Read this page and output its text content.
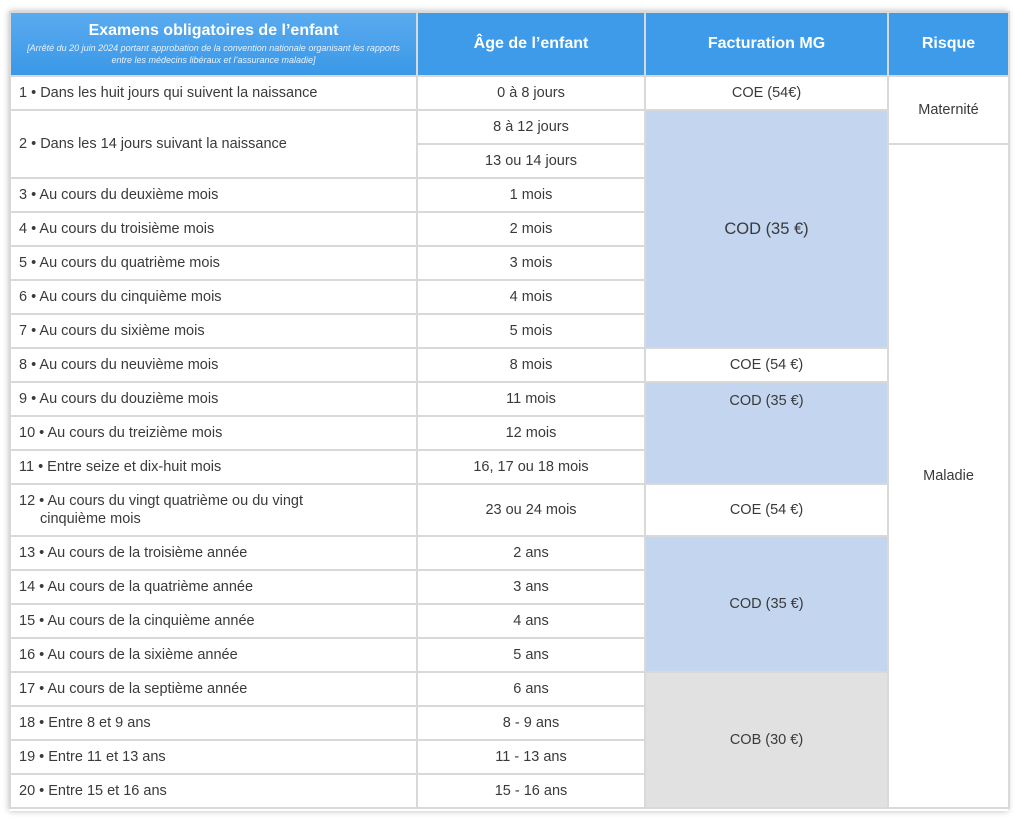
Examens obligatoires de l’enfant
[Arrêté du 20 juin 2024 portant approbation de la convention nationale organisant les rapports entre les médecins libéraux et l’assurance maladie]	Âge de l’enfant	Facturation MG	Risque
1 • Dans les huit jours qui suivent la naissance	0 à 8 jours	COE (54€)	Maternité
2 • Dans les 14 jours suivant la naissance	8 à 12 jours	COD (35 €)	
	13 ou 14 jours		Maladie
3 • Au cours du deuxième mois	1 mois		
4 • Au cours du troisième mois	2 mois		
5 • Au cours du quatrième mois	3 mois		
6 • Au cours du cinquième mois	4 mois		
7 • Au cours du sixième mois	5 mois		
8 • Au cours du neuvième mois	8 mois	COE (54 €)	
9 • Au cours du douzième mois	11 mois	COD (35 €)	
10 • Au cours du treizième mois	12 mois		
11 • Entre seize et dix-huit mois	16, 17 ou 18 mois		
12 • Au cours du vingt quatrième ou du vingt
cinquième mois	23 ou 24 mois	COE (54 €)	
13 • Au cours de la troisième année	2 ans	COD (35 €)	
14 • Au cours de la quatrième année	3 ans		
15 • Au cours de la cinquième année	4 ans		
16 • Au cours de la sixième année	5 ans		
17 • Au cours de la septième année	6 ans	COB (30 €)	
18 • Entre 8 et 9 ans	8 - 9 ans		
19 • Entre 11 et 13 ans	11 - 13 ans		
20 • Entre 15 et 16 ans	15 - 16 ans		
